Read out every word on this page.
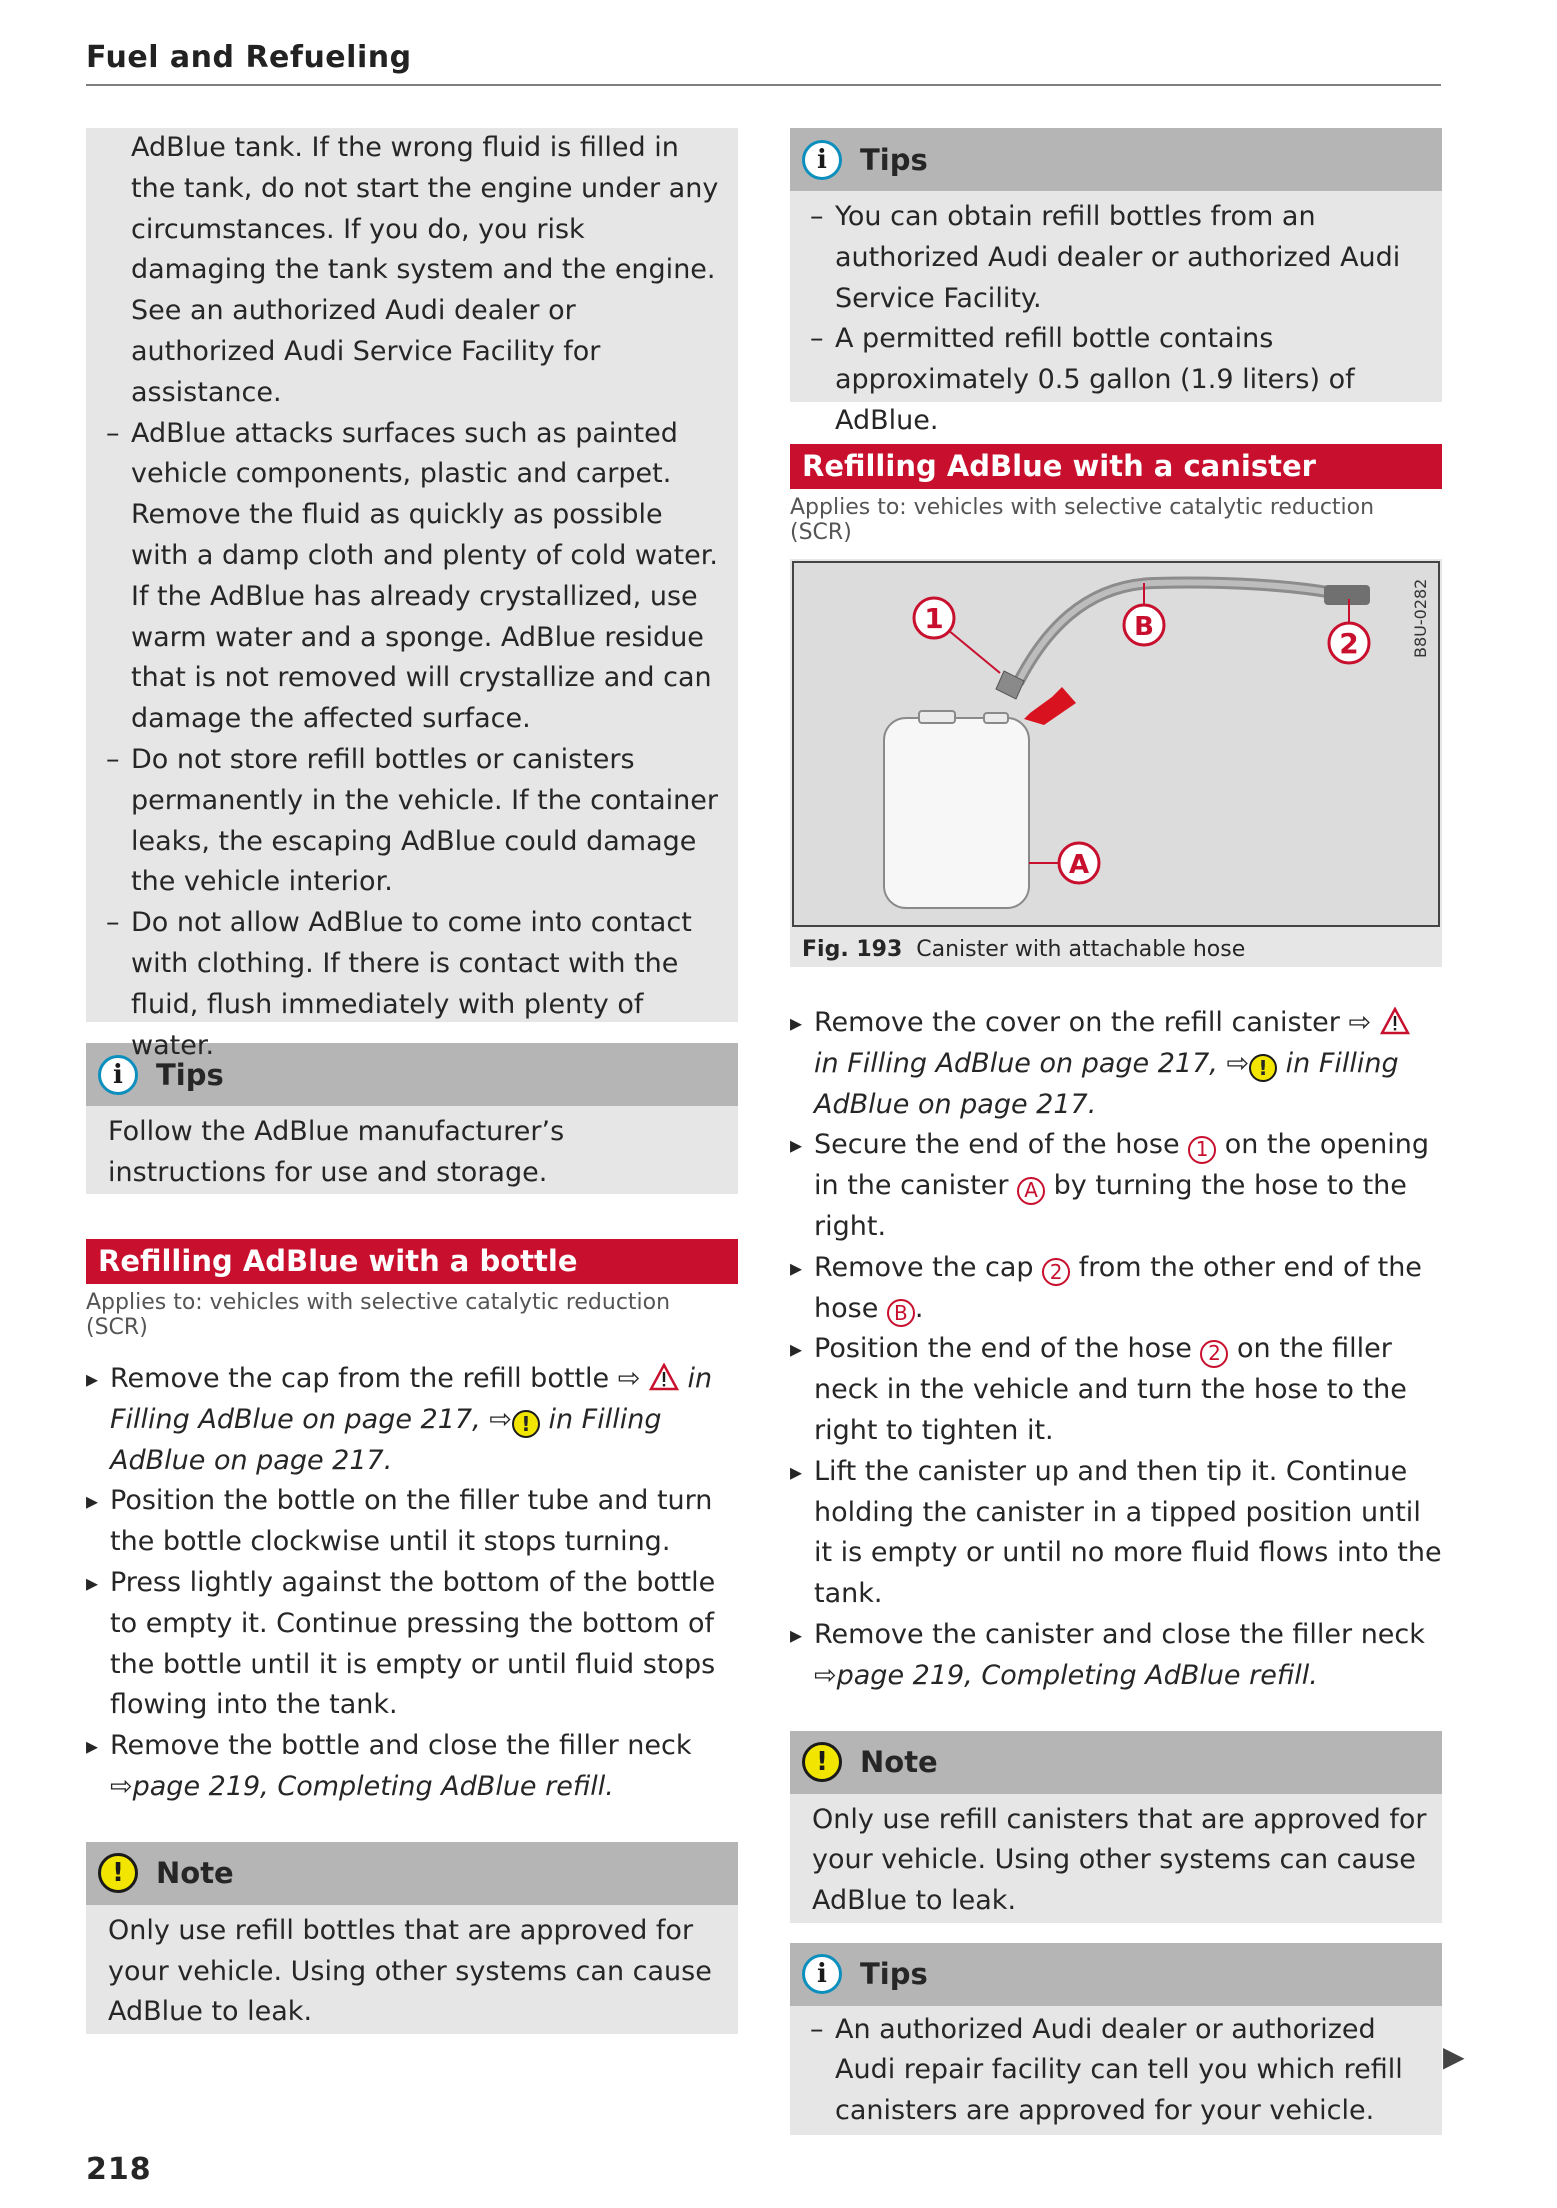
Fuel and Refueling

AdBlue tank. If the wrong fluid is filled in the tank, do not start the engine under any circumstances. If you do, you risk damaging the tank system and the engine. See an authorized Audi dealer or authorized Audi Service Facility for assistance.

– AdBlue attacks surfaces such as painted vehicle components, plastic and carpet. Remove the fluid as quickly as possible with a damp cloth and plenty of cold water. If the AdBlue has already crystallized, use warm water and a sponge. AdBlue residue that is not removed will crystallize and can damage the affected surface.
– Do not store refill bottles or canisters permanently in the vehicle. If the container leaks, the escaping AdBlue could damage the vehicle interior.
– Do not allow AdBlue to come into contact with clothing. If there is contact with the fluid, flush immediately with plenty of water.
i	Tips
Follow the AdBlue manufacturer’s instructions for use and storage.
Refilling AdBlue with a bottle
Applies to: vehicles with selective catalytic reduction (SCR)
▸ Remove the cap from the refill bottle ⇨ in Filling AdBlue on page 217, ⇨ ! in Filling AdBlue on page 217.
▸ Position the bottle on the filler tube and turn the bottle clockwise until it stops turning.
▸ Press lightly against the bottom of the bottle to empty it. Continue pressing the bottom of the bottle until it is empty or until fluid stops flowing into the tank.
▸ Remove the bottle and close the filler neck
⇨page 219, Completing AdBlue refill.
!	Note
Only use refill bottles that are approved for your vehicle. Using other systems can cause AdBlue to leak.
i	Tips
– You can obtain refill bottles from an authorized Audi dealer or authorized Audi Service Facility.
– A permitted refill bottle contains approximately 0.5 gallon (1.9 liters) of AdBlue.
Refilling AdBlue with a canister
Applies to: vehicles with selective catalytic reduction (SCR)
1	B	2
A
B8U-0282
Fig. 193 Canister with attachable hose
▸ Remove the cover on the refill canister ⇨  in Filling AdBlue on page 217, ⇨ ! in Filling AdBlue on page 217.
▸ Secure the end of the hose 1 on the opening in the canister A by turning the hose to the right.
▸ Remove the cap 2 from the other end of the hose B .
▸ Position the end of the hose 2 on the filler neck in the vehicle and turn the hose to the right to tighten it.
▸ Lift the canister up and then tip it. Continue holding the canister in a tipped position until it is empty or until no more fluid flows into the tank.
▸ Remove the canister and close the filler neck
⇨page 219, Completing AdBlue refill.
!	Note
Only use refill canisters that are approved for your vehicle. Using other systems can cause AdBlue to leak.
i	Tips
– An authorized Audi dealer or authorized Audi repair facility can tell you which refill canisters are approved for your vehicle.
▶
218
